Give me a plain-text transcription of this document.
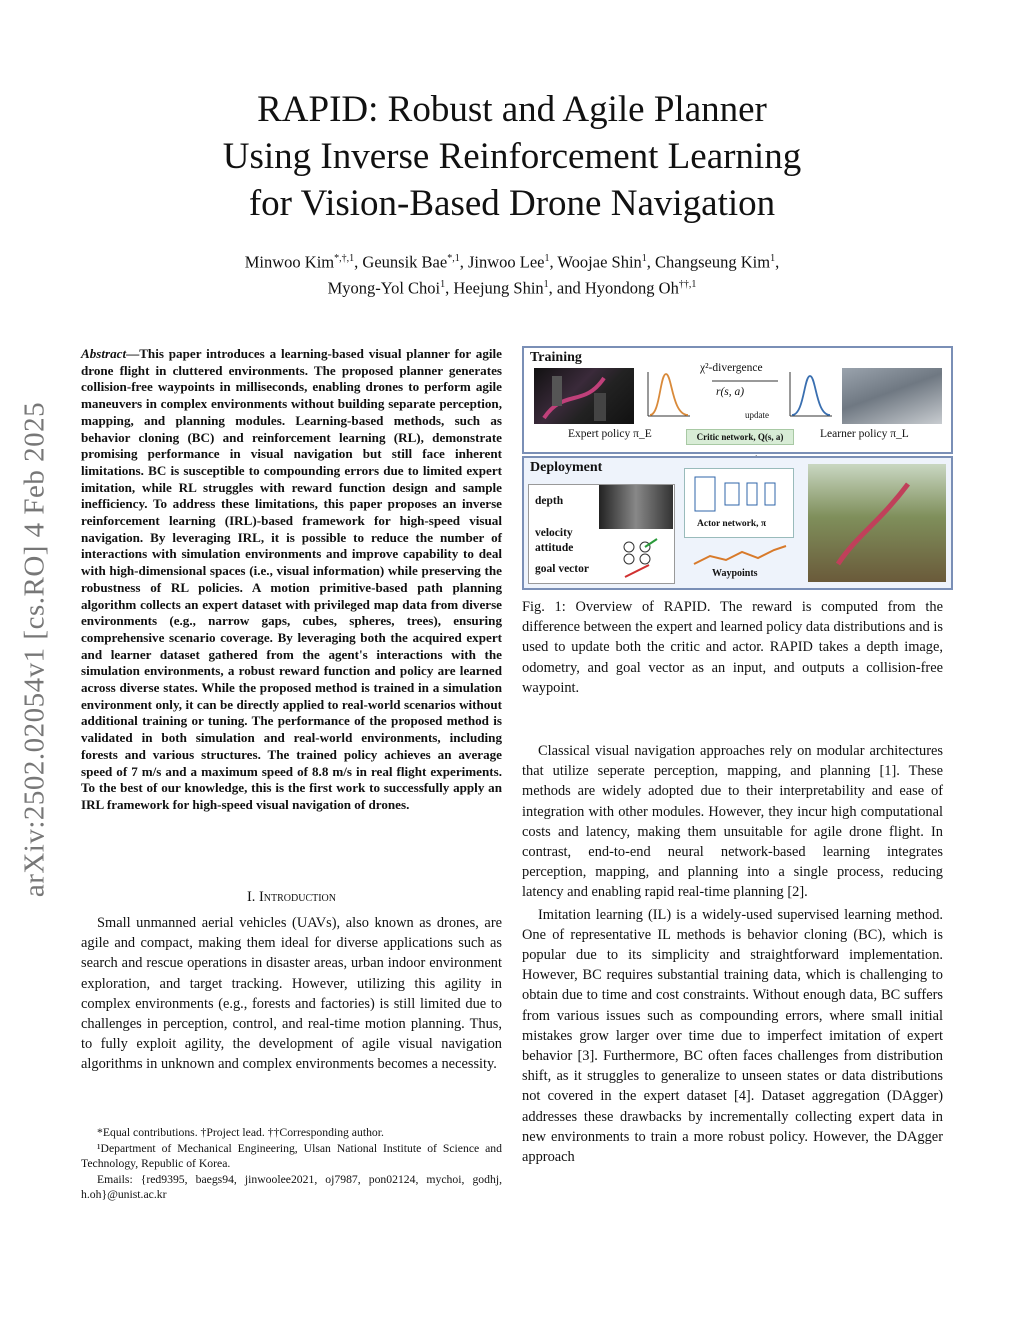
arXiv:2502.02054v1 [cs.RO] 4 Feb 2025
RAPID: Robust and Agile Planner
Using Inverse Reinforcement Learning
for Vision-Based Drone Navigation
Minwoo Kim$^{*,\dagger,1}$, Geunsik Bae$^{*,1}$, Jinwoo Lee$^1$, Woojae Shin$^1$, Changseung Kim$^1$,
Myong-Yol Choi$^1$, Heejung Shin$^1$, and Hyondong $Oh^{\dagger\dagger,1}$
Abstract—This paper introduces a learning-based visual planner for agile drone flight in cluttered environments. The proposed planner generates collision-free waypoints in milliseconds, enabling drones to perform agile maneuvers in complex environments without building separate perception, mapping, and planning modules. Learning-based methods, such as behavior cloning (BC) and reinforcement learning (RL), demonstrate promising performance in visual navigation but still face inherent limitations. BC is susceptible to compounding errors due to limited expert imitation, while RL struggles with reward function design and sample inefficiency. To address these limitations, this paper proposes an inverse reinforcement learning (IRL)-based framework for high-speed visual navigation. By leveraging IRL, it is possible to reduce the number of interactions with simulation environments and improve capability to deal with high-dimensional spaces (i.e., visual information) while preserving the robustness of RL policies. A motion primitive-based path planning algorithm collects an expert dataset with privileged map data from diverse environments (e.g., narrow gaps, cubes, spheres, trees), ensuring comprehensive scenario coverage. By leveraging both the acquired expert and learner dataset gathered from the agent's interactions with the simulation environments, a robust reward function and policy are learned across diverse states. While the proposed method is trained in a simulation environment only, it can be directly applied to real-world scenarios without additional training or tuning. The performance of the proposed method is validated in both simulation and real-world environments, including forests and various structures. The trained policy achieves an average speed of 7 m/s and a maximum speed of 8.8 m/s in real flight experiments. To the best of our knowledge, this is the first work to successfully apply an IRL framework for high-speed visual navigation of drones.
I. Introduction

Small unmanned aerial vehicles (UAVs), also known as drones, are agile and compact, making them ideal for diverse applications such as search and rescue operations in disaster areas, urban indoor environment exploration, and target tracking. However, utilizing this agility in complex environments (e.g., forests and factories) is still limited due to challenges in perception, control, and real-time motion planning. Thus, to fully exploit agility, the development of agile visual navigation algorithms in unknown and complex environments becomes a necessity.

*Equal contributions. †Project lead. ††Corresponding author.

¹Department of Mechanical Engineering, Ulsan National Institute of Science and Technology, Republic of Korea.

Emails: {red9395, baegs94, jinwoolee2021, oj7987, pon02124, mychoi, godhj, h.oh}@unist.ac.kr

Training
χ²-divergence
r(s, a)
update
Expert policy π_E	Critic network, Q(s, a)	Learner policy π_L
Deployment
depth
velocity
attitude
goal vector
Actor network, π
Waypoints

Fig. 1: Overview of RAPID. The reward is computed from the difference between the expert and learned policy data distributions and is used to update both the critic and actor. RAPID takes a depth image, odometry, and goal vector as an input, and outputs a collision-free waypoint.

Classical visual navigation approaches rely on modular architectures that utilize seperate perception, mapping, and planning [1]. These methods are widely adopted due to their interpretability and ease of integration with other modules. However, they incur high computational costs and latency, making them unsuitable for agile drone flight. In contrast, end-to-end neural network-based learning integrates perception, mapping, and planning into a single process, reducing latency and enabling rapid real-time planning [2].

Imitation learning (IL) is a widely-used supervised learning method. One of representative IL methods is behavior cloning (BC), which is popular due to its simplicity and straightforward implementation. However, BC requires substantial training data, which is challenging to obtain due to time and cost constraints. Without enough data, BC suffers from various issues such as compounding errors, where small initial mistakes grow larger over time due to imperfect imitation of expert behavior [3]. Furthermore, BC often faces challenges from distribution shift, as it struggles to generalize to unseen states or data distributions not covered in the expert dataset [4]. Dataset aggregation (DAgger) addresses these drawbacks by incrementally collecting expert data in new environments to train a more robust policy. However, the DAgger approach
